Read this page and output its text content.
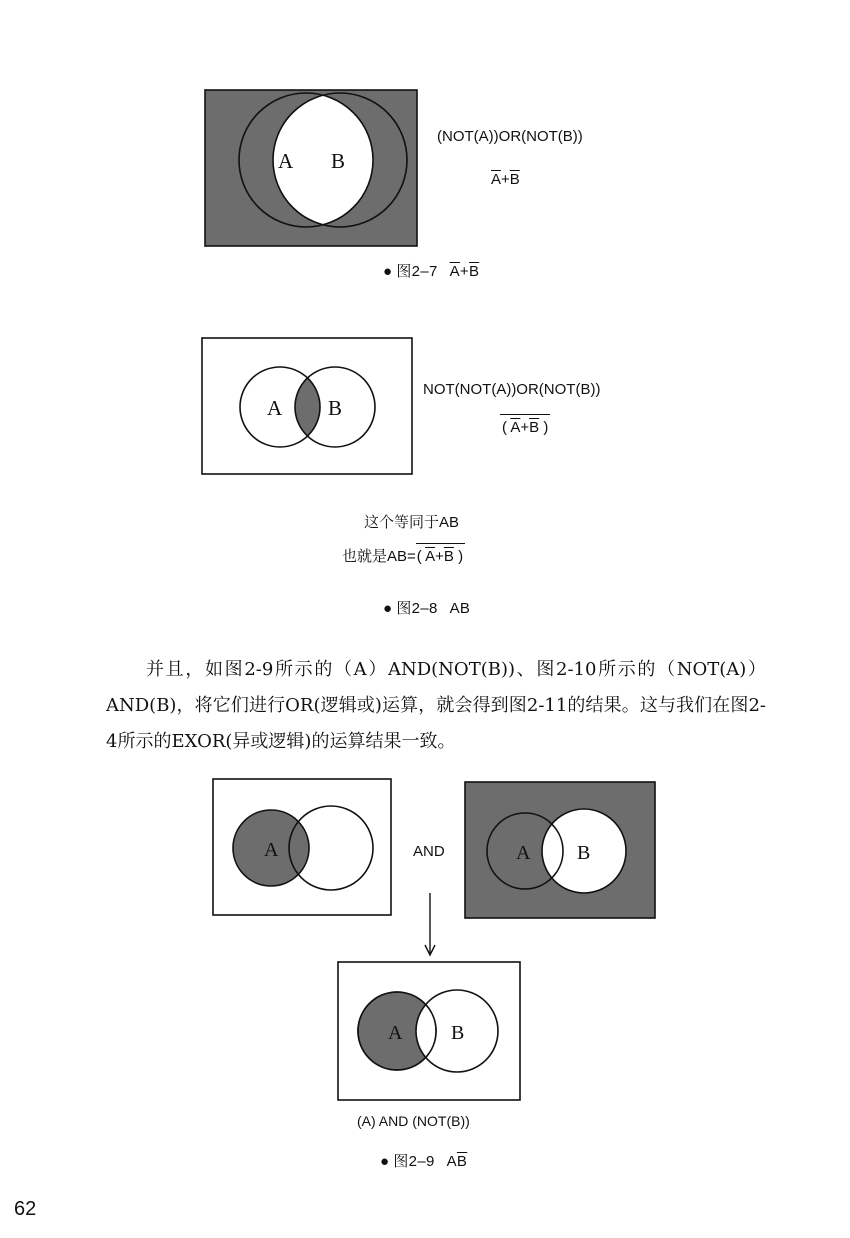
A B
(NOT(A))OR(NOT(B))
$\overline{A}+\overline{B}$
● 图2–7 $\overline{A}+\overline{B}$
A B
NOT(NOT(A))OR(NOT(B))
( $\overline{A}+\overline{B}$ )
这个等同于AB
也就是AB=( $\overline{A}+\overline{B}$ )
● 图2–8 AB

并且，如图2-9所示的（A）AND(NOT(B))、图2-10所示的（NOT(A)）AND(B)，将它们进行OR(逻辑或)运算，就会得到图2-11的结果。这与我们在图2-4所示的EXOR(异或逻辑)的运算结果一致。

A	AND	A B
A B
(A) AND (NOT(B))
● 图2–9 $A\overline{B}$
62
